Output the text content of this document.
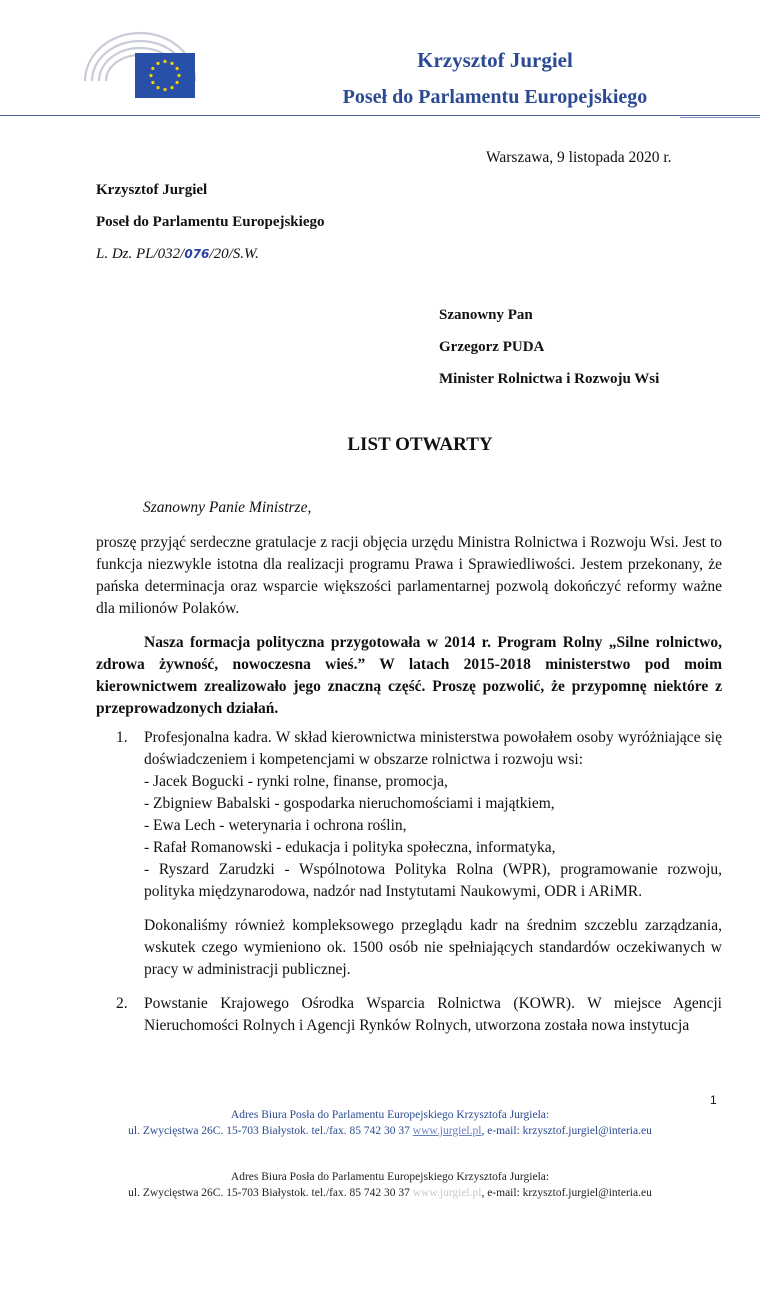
Krzysztof Jurgiel
Poseł do Parlamentu Europejskiego
Warszawa, 9 listopada 2020 r.
Krzysztof Jurgiel
Poseł do Parlamentu Europejskiego
L. Dz. PL/032/076/20/S.W.
Szanowny Pan
Grzegorz PUDA
Minister Rolnictwa i Rozwoju Wsi
LIST OTWARTY
Szanowny Panie Ministrze,

proszę przyjąć serdeczne gratulacje z racji objęcia urzędu Ministra Rolnictwa i Rozwoju Wsi. Jest to funkcja niezwykle istotna dla realizacji programu Prawa i Sprawiedliwości. Jestem przekonany, że pańska determinacja oraz wsparcie większości parlamentarnej pozwolą dokończyć reformy ważne dla milionów Polaków.

Nasza formacja polityczna przygotowała w 2014 r. Program Rolny „Silne rolnictwo, zdrowa żywność, nowoczesna wieś.” W latach 2015-2018 ministerstwo pod moim kierownictwem zrealizowało jego znaczną część. Proszę pozwolić, że przypomnę niektóre z przeprowadzonych działań.

1. Profesjonalna kadra. W skład kierownictwa ministerstwa powołałem osoby wyróżniające się doświadczeniem i kompetencjami w obszarze rolnictwa i rozwoju wsi:

- Jacek Bogucki - rynki rolne, finanse, promocja,

- Zbigniew Babalski - gospodarka nieruchomościami i majątkiem,

- Ewa Lech - weterynaria i ochrona roślin,

- Rafał Romanowski - edukacja i polityka społeczna, informatyka,

- Ryszard Zarudzki - Wspólnotowa Polityka Rolna (WPR), programowanie rozwoju, polityka międzynarodowa, nadzór nad Instytutami Naukowymi, ODR i ARiMR.

Dokonaliśmy również kompleksowego przeglądu kadr na średnim szczeblu zarządzania, wskutek czego wymieniono ok. 1500 osób nie spełniających standardów oczekiwanych w pracy w administracji publicznej.

2. Powstanie Krajowego Ośrodka Wsparcia Rolnictwa (KOWR). W miejsce Agencji Nieruchomości Rolnych i Agencji Rynków Rolnych, utworzona została nowa instytucja

1
Adres Biura Posła do Parlamentu Europejskiego Krzysztofa Jurgiela:
ul. Zwycięstwa 26C. 15-703 Białystok. tel./fax. 85 742 30 37 www.jurgiel.pl, e-mail: krzysztof.jurgiel@interia.eu
Adres Biura Posła do Parlamentu Europejskiego Krzysztofa Jurgiela:
ul. Zwycięstwa 26C. 15-703 Białystok. tel./fax. 85 742 30 37 www.jurgiel.pl, e-mail: krzysztof.jurgiel@interia.eu
